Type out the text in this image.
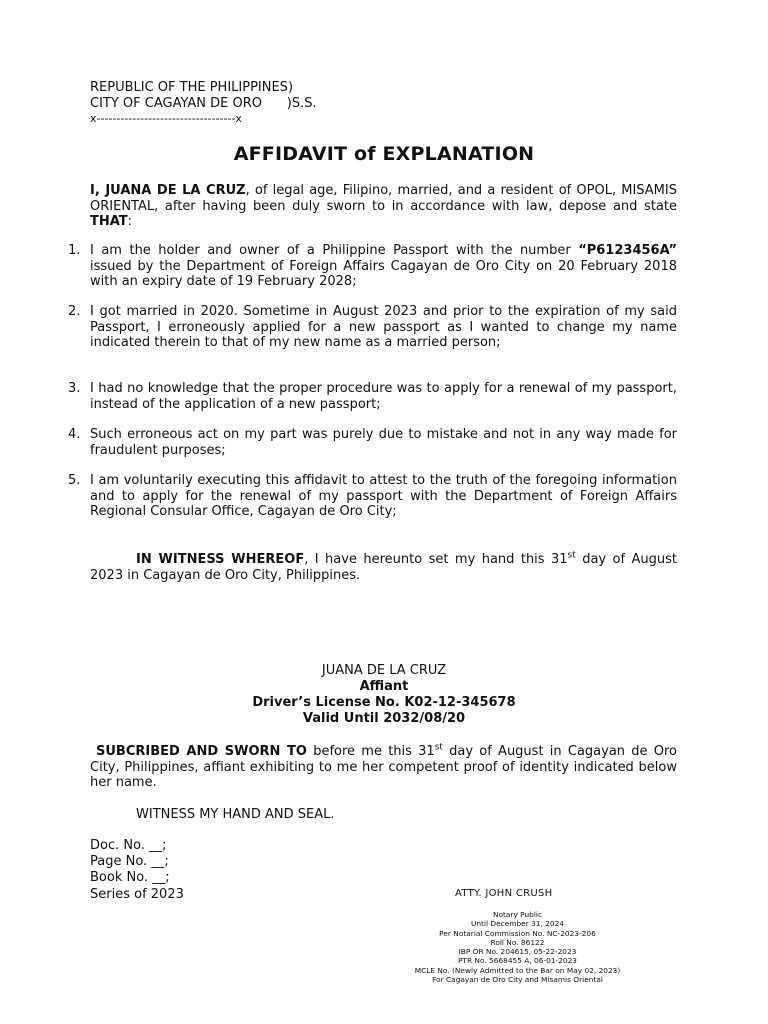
REPUBLIC OF THE PHILIPPINES)
CITY OF CAGAYAN DE ORO      )S.S.
x-----------------------------------x
AFFIDAVIT of EXPLANATION
I, JUANA DE LA CRUZ, of legal age, Filipino, married, and a resident of OPOL, MISAMIS ORIENTAL, after having been duly sworn to in accordance with law, depose and state THAT:
1. I am the holder and owner of a Philippine Passport with the number “P6123456A” issued by the Department of Foreign Affairs Cagayan de Oro City on 20 February 2018 with an expiry date of 19 February 2028;
2. I got married in 2020. Sometime in August 2023 and prior to the expiration of my said Passport, I erroneously applied for a new passport as I wanted to change my name indicated therein to that of my new name as a married person;
3. I had no knowledge that the proper procedure was to apply for a renewal of my passport, instead of the application of a new passport;
4. Such erroneous act on my part was purely due to mistake and not in any way made for fraudulent purposes;
5. I am voluntarily executing this affidavit to attest to the truth of the foregoing information and to apply for the renewal of my passport with the Department of Foreign Affairs Regional Consular Office, Cagayan de Oro City;
IN WITNESS WHEREOF, I have hereunto set my hand this 31st day of August 2023 in Cagayan de Oro City, Philippines.
JUANA DE LA CRUZ
Affiant
Driver’s License No. K02-12-345678
Valid Until 2032/08/20
SUBCRIBED AND SWORN TO before me this 31st day of August in Cagayan de Oro City, Philippines, affiant exhibiting to me her competent proof of identity indicated below her name.
WITNESS MY HAND AND SEAL.
Doc. No. __;
Page No. __;
Book No. __;
Series of 2023	ATTY. JOHN CRUSH
Notary Public
Until December 31, 2024
Per Notarial Commission No. NC-2023-206
Roll No. 86122
IBP OR No. 204615, 05-22-2023
PTR No. 5668455 A, 06-01-2023
MCLE No. (Newly Admitted to the Bar on May 02, 2023)
For Cagayan de Oro City and Misamis Oriental
